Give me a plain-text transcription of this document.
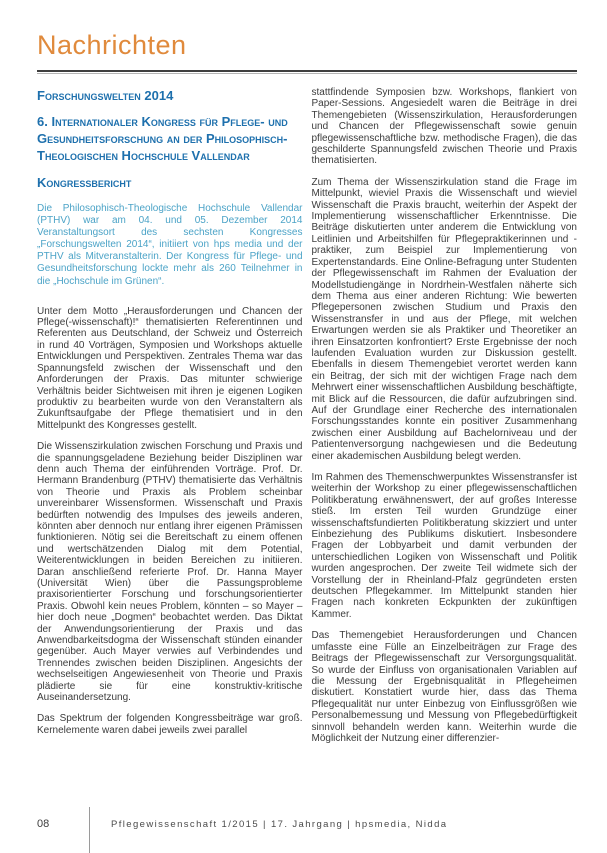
Nachrichten
Forschungswelten 2014
6. Internationaler Kongress für Pflege- und Gesundheitsforschung an der Philosophisch-Theologischen Hochschule Vallendar
Kongressbericht

Die Philosophisch-Theologische Hochschule Vallendar (PTHV) war am 04. und 05. Dezember 2014 Veranstaltungsort des sechsten Kongresses „Forschungswelten 2014“, initiiert von hps media und der PTHV als Mitveranstalterin. Der Kongress für Pflege- und Gesundheitsforschung lockte mehr als 260 Teilnehmer in die „Hochschule im Grünen“.

Unter dem Motto „Herausforderungen und Chancen der Pflege(-wissenschaft)!“ thematisierten Referentinnen und Referenten aus Deutschland, der Schweiz und Österreich in rund 40 Vorträgen, Symposien und Workshops aktuelle Entwicklungen und Perspektiven. Zentrales Thema war das Spannungsfeld zwischen der Wissenschaft und den Anforderungen der Praxis. Das mitunter schwierige Verhältnis beider Sichtweisen mit ihren je eigenen Logiken produktiv zu bearbeiten wurde von den Veranstaltern als Zukunftsaufgabe der Pflege thematisiert und in den Mittelpunkt des Kongresses gestellt.

Die Wissenszirkulation zwischen Forschung und Praxis und die spannungsgeladene Beziehung beider Disziplinen war denn auch Thema der einführenden Vorträge. Prof. Dr. Hermann Brandenburg (PTHV) thematisierte das Verhältnis von Theorie und Praxis als Problem scheinbar unvereinbarer Wissensformen. Wissenschaft und Praxis bedürften notwendig des Impulses des jeweils anderen, könnten aber dennoch nur entlang ihrer eigenen Prämissen funktionieren. Nötig sei die Bereitschaft zu einem offenen und wertschätzenden Dialog mit dem Potential, Weiterentwicklungen in beiden Bereichen zu initiieren. Daran anschließend referierte Prof. Dr. Hanna Mayer (Universität Wien) über die Passungsprobleme praxisorientierter Forschung und forschungsorientierter Praxis. Obwohl kein neues Problem, könnten – so Mayer – hier doch neue „Dogmen“ beobachtet werden. Das Diktat der Anwendungsorientierung der Praxis und das Anwendbarkeitsdogma der Wissenschaft stünden einander gegenüber. Auch Mayer verwies auf Verbindendes und Trennendes zwischen beiden Disziplinen. Angesichts der wechselseitigen Angewiesenheit von Theorie und Praxis plädierte sie für eine konstruktiv-kritische Auseinandersetzung.

Das Spektrum der folgenden Kongressbeiträge war groß. Kernelemente waren dabei jeweils zwei parallel

stattfindende Symposien bzw. Workshops, flankiert von Paper-Sessions. Angesiedelt waren die Beiträge in drei Themengebieten (Wissenszirkulation, Herausforderungen und Chancen der Pflegewissenschaft sowie genuin pflegewissenschaftliche bzw. methodische Fragen), die das geschilderte Spannungsfeld zwischen Theorie und Praxis thematisierten.

Zum Thema der Wissenszirkulation stand die Frage im Mittelpunkt, wieviel Praxis die Wissenschaft und wieviel Wissenschaft die Praxis braucht, weiterhin der Aspekt der Implementierung wissenschaftlicher Erkenntnisse. Die Beiträge diskutierten unter anderem die Entwicklung von Leitlinien und Arbeitshilfen für Pflegepraktikerinnen und -praktiker, zum Beispiel zur Implementierung von Expertenstandards. Eine Online-Befragung unter Studenten der Pflegewissenschaft im Rahmen der Evaluation der Modellstudiengänge in Nordrhein-Westfalen näherte sich dem Thema aus einer anderen Richtung: Wie bewerten Pflegepersonen zwischen Studium und Praxis den Wissenstransfer in und aus der Pflege, mit welchen Erwartungen werden sie als Praktiker und Theoretiker an ihren Einsatzorten konfrontiert? Erste Ergebnisse der noch laufenden Evaluation wurden zur Diskussion gestellt. Ebenfalls in diesem Themengebiet verortet werden kann ein Beitrag, der sich mit der wichtigen Frage nach dem Mehrwert einer wissenschaftlichen Ausbildung beschäftigte, mit Blick auf die Ressourcen, die dafür aufzubringen sind. Auf der Grundlage einer Recherche des internationalen Forschungsstandes konnte ein positiver Zusammenhang zwischen einer Ausbildung auf Bachelorniveau und der Patientenversorgung nachgewiesen und die Bedeutung einer akademischen Ausbildung belegt werden.

Im Rahmen des Themenschwerpunktes Wissenstransfer ist weiterhin der Workshop zu einer pflegewissenschaftlichen Politikberatung erwähnenswert, der auf großes Interesse stieß. Im ersten Teil wurden Grundzüge einer wissenschaftsfundierten Politikberatung skizziert und unter Einbeziehung des Publikums diskutiert. Insbesondere Fragen der Lobbyarbeit und damit verbunden der unterschiedlichen Logiken von Wissenschaft und Politik wurden angesprochen. Der zweite Teil widmete sich der Vorstellung der in Rheinland-Pfalz gegründeten ersten deutschen Pflegekammer. Im Mittelpunkt standen hier Fragen nach konkreten Eckpunkten der zukünftigen Kammer.

Das Themengebiet Herausforderungen und Chancen umfasste eine Fülle an Einzelbeiträgen zur Frage des Beitrags der Pflegewissenschaft zur Versorgungsqualität. So wurde der Einfluss von organisationalen Variablen auf die Messung der Ergebnisqualität in Pflegeheimen diskutiert. Konstatiert wurde hier, dass das Thema Pflegequalität nur unter Einbezug von Einflussgrößen wie Personalbemessung und Messung von Pflegebedürftigkeit sinnvoll behandeln werden kann. Weiterhin wurde die Möglichkeit der Nutzung einer differenzier-

08	Pflegewissenschaft 1/2015 | 17. Jahrgang | hpsmedia, Nidda
